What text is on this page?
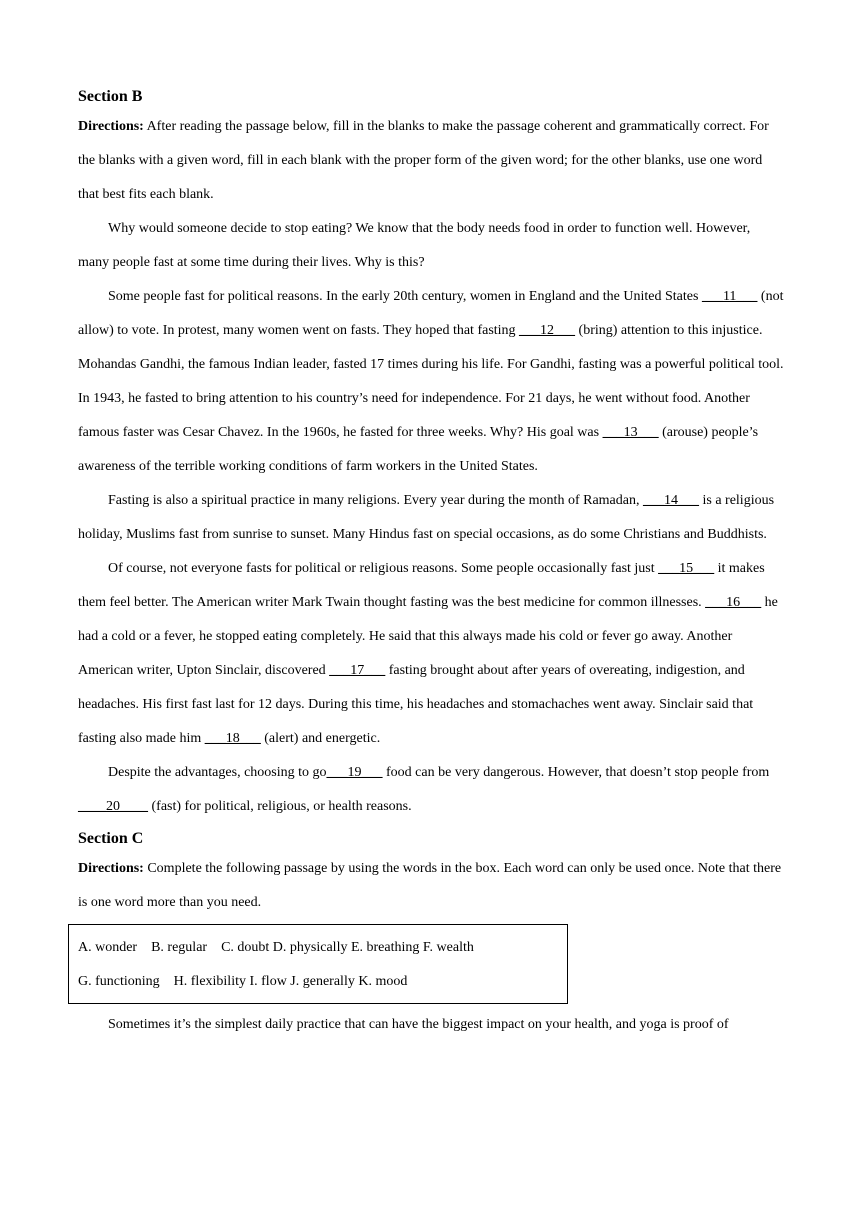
Section B

Directions: After reading the passage below, fill in the blanks to make the passage coherent and grammatically correct. For the blanks with a given word, fill in each blank with the proper form of the given word; for the other blanks, use one word that best fits each blank.

Why would someone decide to stop eating? We know that the body needs food in order to function well. However, many people fast at some time during their lives. Why is this?

Some people fast for political reasons. In the early 20th century, women in England and the United States ___11___ (not allow) to vote. In protest, many women went on fasts. They hoped that fasting ___12___ (bring) attention to this injustice. Mohandas Gandhi, the famous Indian leader, fasted 17 times during his life. For Gandhi, fasting was a powerful political tool. In 1943, he fasted to bring attention to his country’s need for independence. For 21 days, he went without food. Another famous faster was Cesar Chavez. In the 1960s, he fasted for three weeks. Why? His goal was ___13___ (arouse) people’s awareness of the terrible working conditions of farm workers in the United States.

Fasting is also a spiritual practice in many religions. Every year during the month of Ramadan, ___14___ is a religious holiday, Muslims fast from sunrise to sunset. Many Hindus fast on special occasions, as do some Christians and Buddhists.

Of course, not everyone fasts for political or religious reasons. Some people occasionally fast just ___15___ it makes them feel better. The American writer Mark Twain thought fasting was the best medicine for common illnesses. ___16___ he had a cold or a fever, he stopped eating completely. He said that this always made his cold or fever go away. Another American writer, Upton Sinclair, discovered ___17___ fasting brought about after years of overeating, indigestion, and headaches. His first fast last for 12 days. During this time, his headaches and stomachaches went away. Sinclair said that fasting also made him ___18___ (alert) and energetic.

Despite the advantages, choosing to go___19___ food can be very dangerous. However, that doesn’t stop people from ____20____ (fast) for political, religious, or health reasons.

Section C

Directions: Complete the following passage by using the words in the box. Each word can only be used once. Note that there is one word more than you need.

A. wonder    B. regular    C. doubt D. physically E. breathing F. wealth

G. functioning    H. flexibility I. flow J. generally K. mood

Sometimes it’s the simplest daily practice that can have the biggest impact on your health, and yoga is proof of
